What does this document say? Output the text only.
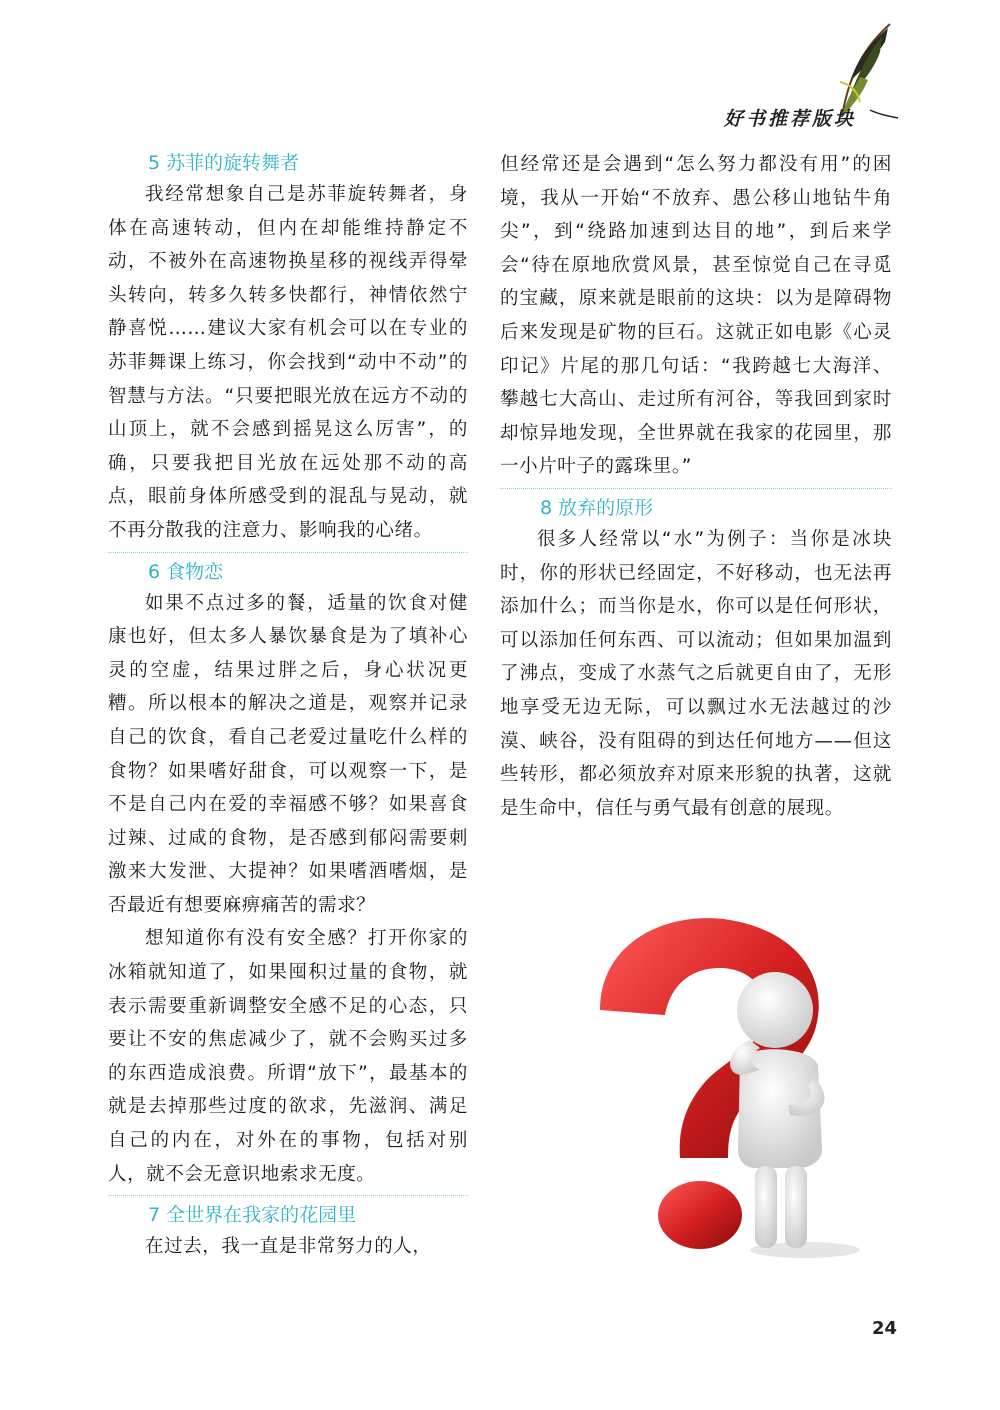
好书推荐版块

5 苏菲的旋转舞者

我经常想象自己是苏菲旋转舞者，身体在高速转动，但内在却能维持静定不动，不被外在高速物换星移的视线弄得晕头转向，转多久转多快都行，神情依然宁静喜悦……建议大家有机会可以在专业的苏菲舞课上练习，你会找到“动中不动”的智慧与方法。“只要把眼光放在远方不动的山顶上，就不会感到摇晃这么厉害”，的确，只要我把目光放在远处那不动的高点，眼前身体所感受到的混乱与晃动，就不再分散我的注意力、影响我的心绪。

6 食物恋

如果不点过多的餐，适量的饮食对健康也好，但太多人暴饮暴食是为了填补心灵的空虚，结果过胖之后，身心状况更糟。所以根本的解决之道是，观察并记录自己的饮食，看自己老爱过量吃什么样的食物？如果嗜好甜食，可以观察一下，是不是自己内在爱的幸福感不够？如果喜食过辣、过咸的食物，是否感到郁闷需要刺激来大发泄、大提神？如果嗜酒嗜烟，是否最近有想要麻痹痛苦的需求？

想知道你有没有安全感？打开你家的冰箱就知道了，如果囤积过量的食物，就表示需要重新调整安全感不足的心态，只要让不安的焦虑减少了，就不会购买过多的东西造成浪费。所谓“放下”，最基本的就是去掉那些过度的欲求，先滋润、满足自己的内在，对外在的事物，包括对别人，就不会无意识地索求无度。

7 全世界在我家的花园里

在过去，我一直是非常努力的人，

但经常还是会遇到“怎么努力都没有用”的困境，我从一开始“不放弃、愚公移山地钻牛角尖”，到“绕路加速到达目的地”，到后来学会“待在原地欣赏风景，甚至惊觉自己在寻觅的宝藏，原来就是眼前的这块：以为是障碍物后来发现是矿物的巨石。这就正如电影《心灵印记》片尾的那几句话：“我跨越七大海洋、攀越七大高山、走过所有河谷，等我回到家时却惊异地发现，全世界就在我家的花园里，那一小片叶子的露珠里。”

8 放弃的原形

很多人经常以“水”为例子：当你是冰块时，你的形状已经固定，不好移动，也无法再添加什么；而当你是水，你可以是任何形状，可以添加任何东西、可以流动；但如果加温到了沸点，变成了水蒸气之后就更自由了，无形地享受无边无际，可以飘过水无法越过的沙漠、峡谷，没有阻碍的到达任何地方——但这些转形，都必须放弃对原来形貌的执著，这就是生命中，信任与勇气最有创意的展现。

24
